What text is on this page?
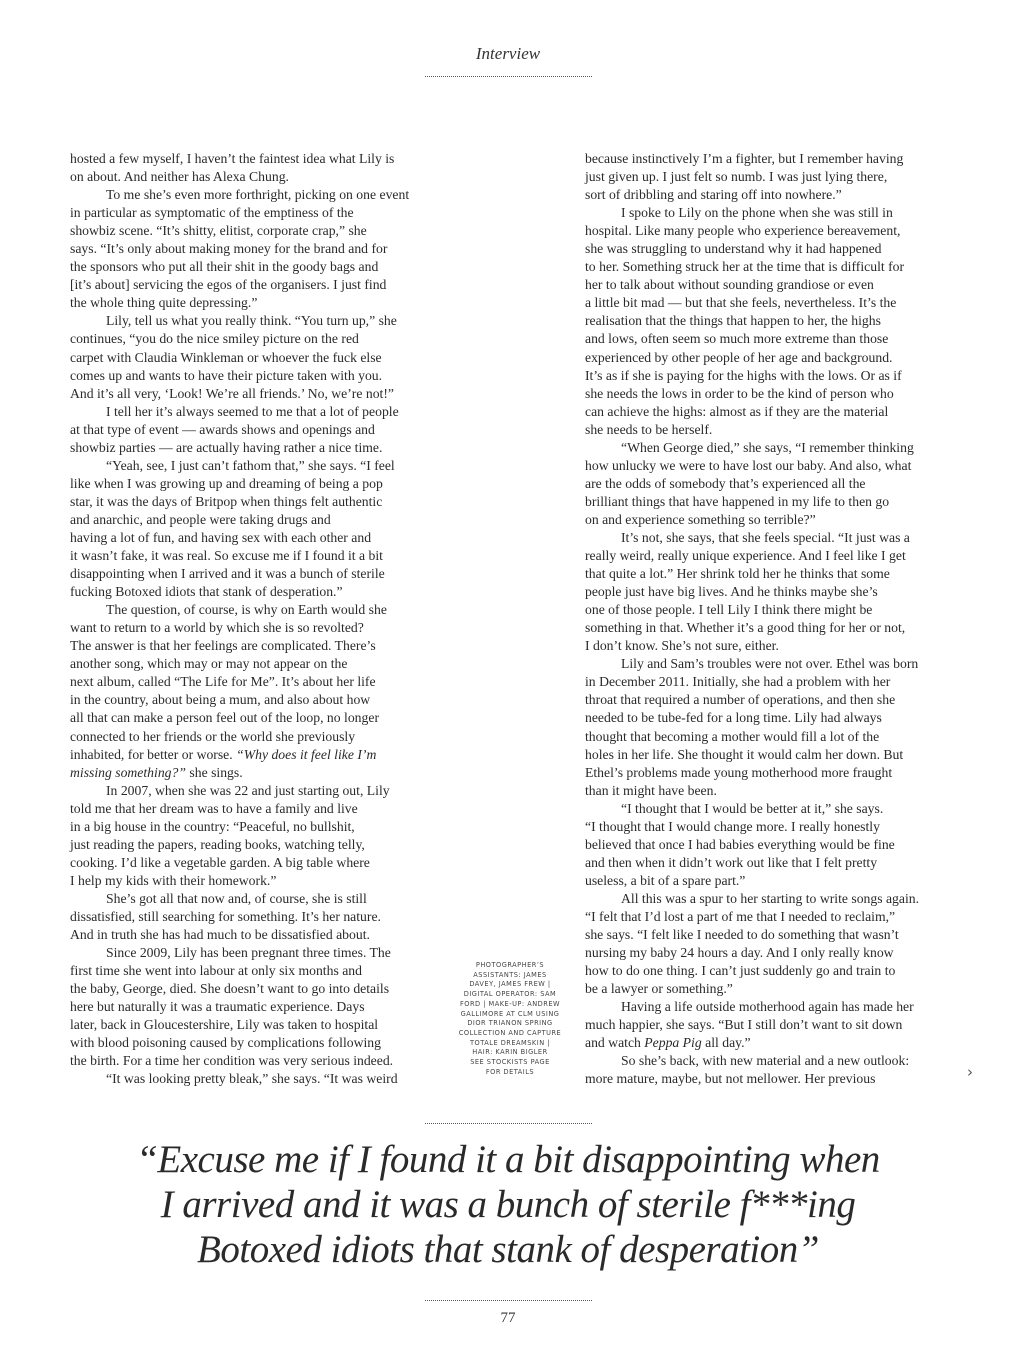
Interview
hosted a few myself, I haven’t the faintest idea what Lily is
on about. And neither has Alexa Chung.
To me she’s even more forthright, picking on one event
in particular as symptomatic of the emptiness of the
showbiz scene. “It’s shitty, elitist, corporate crap,” she
says. “It’s only about making money for the brand and for
the sponsors who put all their shit in the goody bags and
[it’s about] servicing the egos of the organisers. I just find
the whole thing quite depressing.”
Lily, tell us what you really think. “You turn up,” she
continues, “you do the nice smiley picture on the red
carpet with Claudia Winkleman or whoever the fuck else
comes up and wants to have their picture taken with you.
And it’s all very, ‘Look! We’re all friends.’ No, we’re not!”
I tell her it’s always seemed to me that a lot of people
at that type of event — awards shows and openings and
showbiz parties — are actually having rather a nice time.
“Yeah, see, I just can’t fathom that,” she says. “I feel
like when I was growing up and dreaming of being a pop
star, it was the days of Britpop when things felt authentic
and anarchic, and people were taking drugs and
having a lot of fun, and having sex with each other and
it wasn’t fake, it was real. So excuse me if I found it a bit
disappointing when I arrived and it was a bunch of sterile
fucking Botoxed idiots that stank of desperation.”
The question, of course, is why on Earth would she
want to return to a world by which she is so revolted?
The answer is that her feelings are complicated. There’s
another song, which may or may not appear on the
next album, called “The Life for Me”. It’s about her life
in the country, about being a mum, and also about how
all that can make a person feel out of the loop, no longer
connected to her friends or the world she previously
inhabited, for better or worse. “Why does it feel like I’m
missing something?” she sings.
In 2007, when she was 22 and just starting out, Lily
told me that her dream was to have a family and live
in a big house in the country: “Peaceful, no bullshit,
just reading the papers, reading books, watching telly,
cooking. I’d like a vegetable garden. A big table where
I help my kids with their homework.”
She’s got all that now and, of course, she is still
dissatisfied, still searching for something. It’s her nature.
And in truth she has had much to be dissatisfied about.
Since 2009, Lily has been pregnant three times. The
first time she went into labour at only six months and
the baby, George, died. She doesn’t want to go into details
here but naturally it was a traumatic experience. Days
later, back in Gloucestershire, Lily was taken to hospital
with blood poisoning caused by complications following
the birth. For a time her condition was very serious indeed.
“It was looking pretty bleak,” she says. “It was weird
because instinctively I’m a fighter, but I remember having
just given up. I just felt so numb. I was just lying there,
sort of dribbling and staring off into nowhere.”
I spoke to Lily on the phone when she was still in
hospital. Like many people who experience bereavement,
she was struggling to understand why it had happened
to her. Something struck her at the time that is difficult for
her to talk about without sounding grandiose or even
a little bit mad — but that she feels, nevertheless. It’s the
realisation that the things that happen to her, the highs
and lows, often seem so much more extreme than those
experienced by other people of her age and background.
It’s as if she is paying for the highs with the lows. Or as if
she needs the lows in order to be the kind of person who
can achieve the highs: almost as if they are the material
she needs to be herself.
“When George died,” she says, “I remember thinking
how unlucky we were to have lost our baby. And also, what
are the odds of somebody that’s experienced all the
brilliant things that have happened in my life to then go
on and experience something so terrible?”
It’s not, she says, that she feels special. “It just was a
really weird, really unique experience. And I feel like I get
that quite a lot.” Her shrink told her he thinks that some
people just have big lives. And he thinks maybe she’s
one of those people. I tell Lily I think there might be
something in that. Whether it’s a good thing for her or not,
I don’t know. She’s not sure, either.
Lily and Sam’s troubles were not over. Ethel was born
in December 2011. Initially, she had a problem with her
throat that required a number of operations, and then she
needed to be tube-fed for a long time. Lily had always
thought that becoming a mother would fill a lot of the
holes in her life. She thought it would calm her down. But
Ethel’s problems made young motherhood more fraught
than it might have been.
“I thought that I would be better at it,” she says.
“I thought that I would change more. I really honestly
believed that once I had babies everything would be fine
and then when it didn’t work out like that I felt pretty
useless, a bit of a spare part.”
All this was a spur to her starting to write songs again.
“I felt that I’d lost a part of me that I needed to reclaim,”
she says. “I felt like I needed to do something that wasn’t
nursing my baby 24 hours a day. And I only really know
how to do one thing. I can’t just suddenly go and train to
be a lawyer or something.”
Having a life outside motherhood again has made her
much happier, she says. “But I still don’t want to sit down
and watch Peppa Pig all day.”
So she’s back, with new material and a new outlook:
more mature, maybe, but not mellower. Her previous
PHOTOGRAPHER’S
ASSISTANTS: JAMES
DAVEY, JAMES FREW |
DIGITAL OPERATOR: SAM
FORD | MAKE-UP: ANDREW
GALLIMORE AT CLM USING
DIOR TRIANON SPRING
COLLECTION AND CAPTURE
TOTALE DREAMSKIN |
HAIR: KARIN BIGLER
SEE STOCKISTS PAGE
FOR DETAILS	›
“Excuse me if I found it a bit disappointing when
I arrived and it was a bunch of sterile f***ing
Botoxed idiots that stank of desperation”
77
